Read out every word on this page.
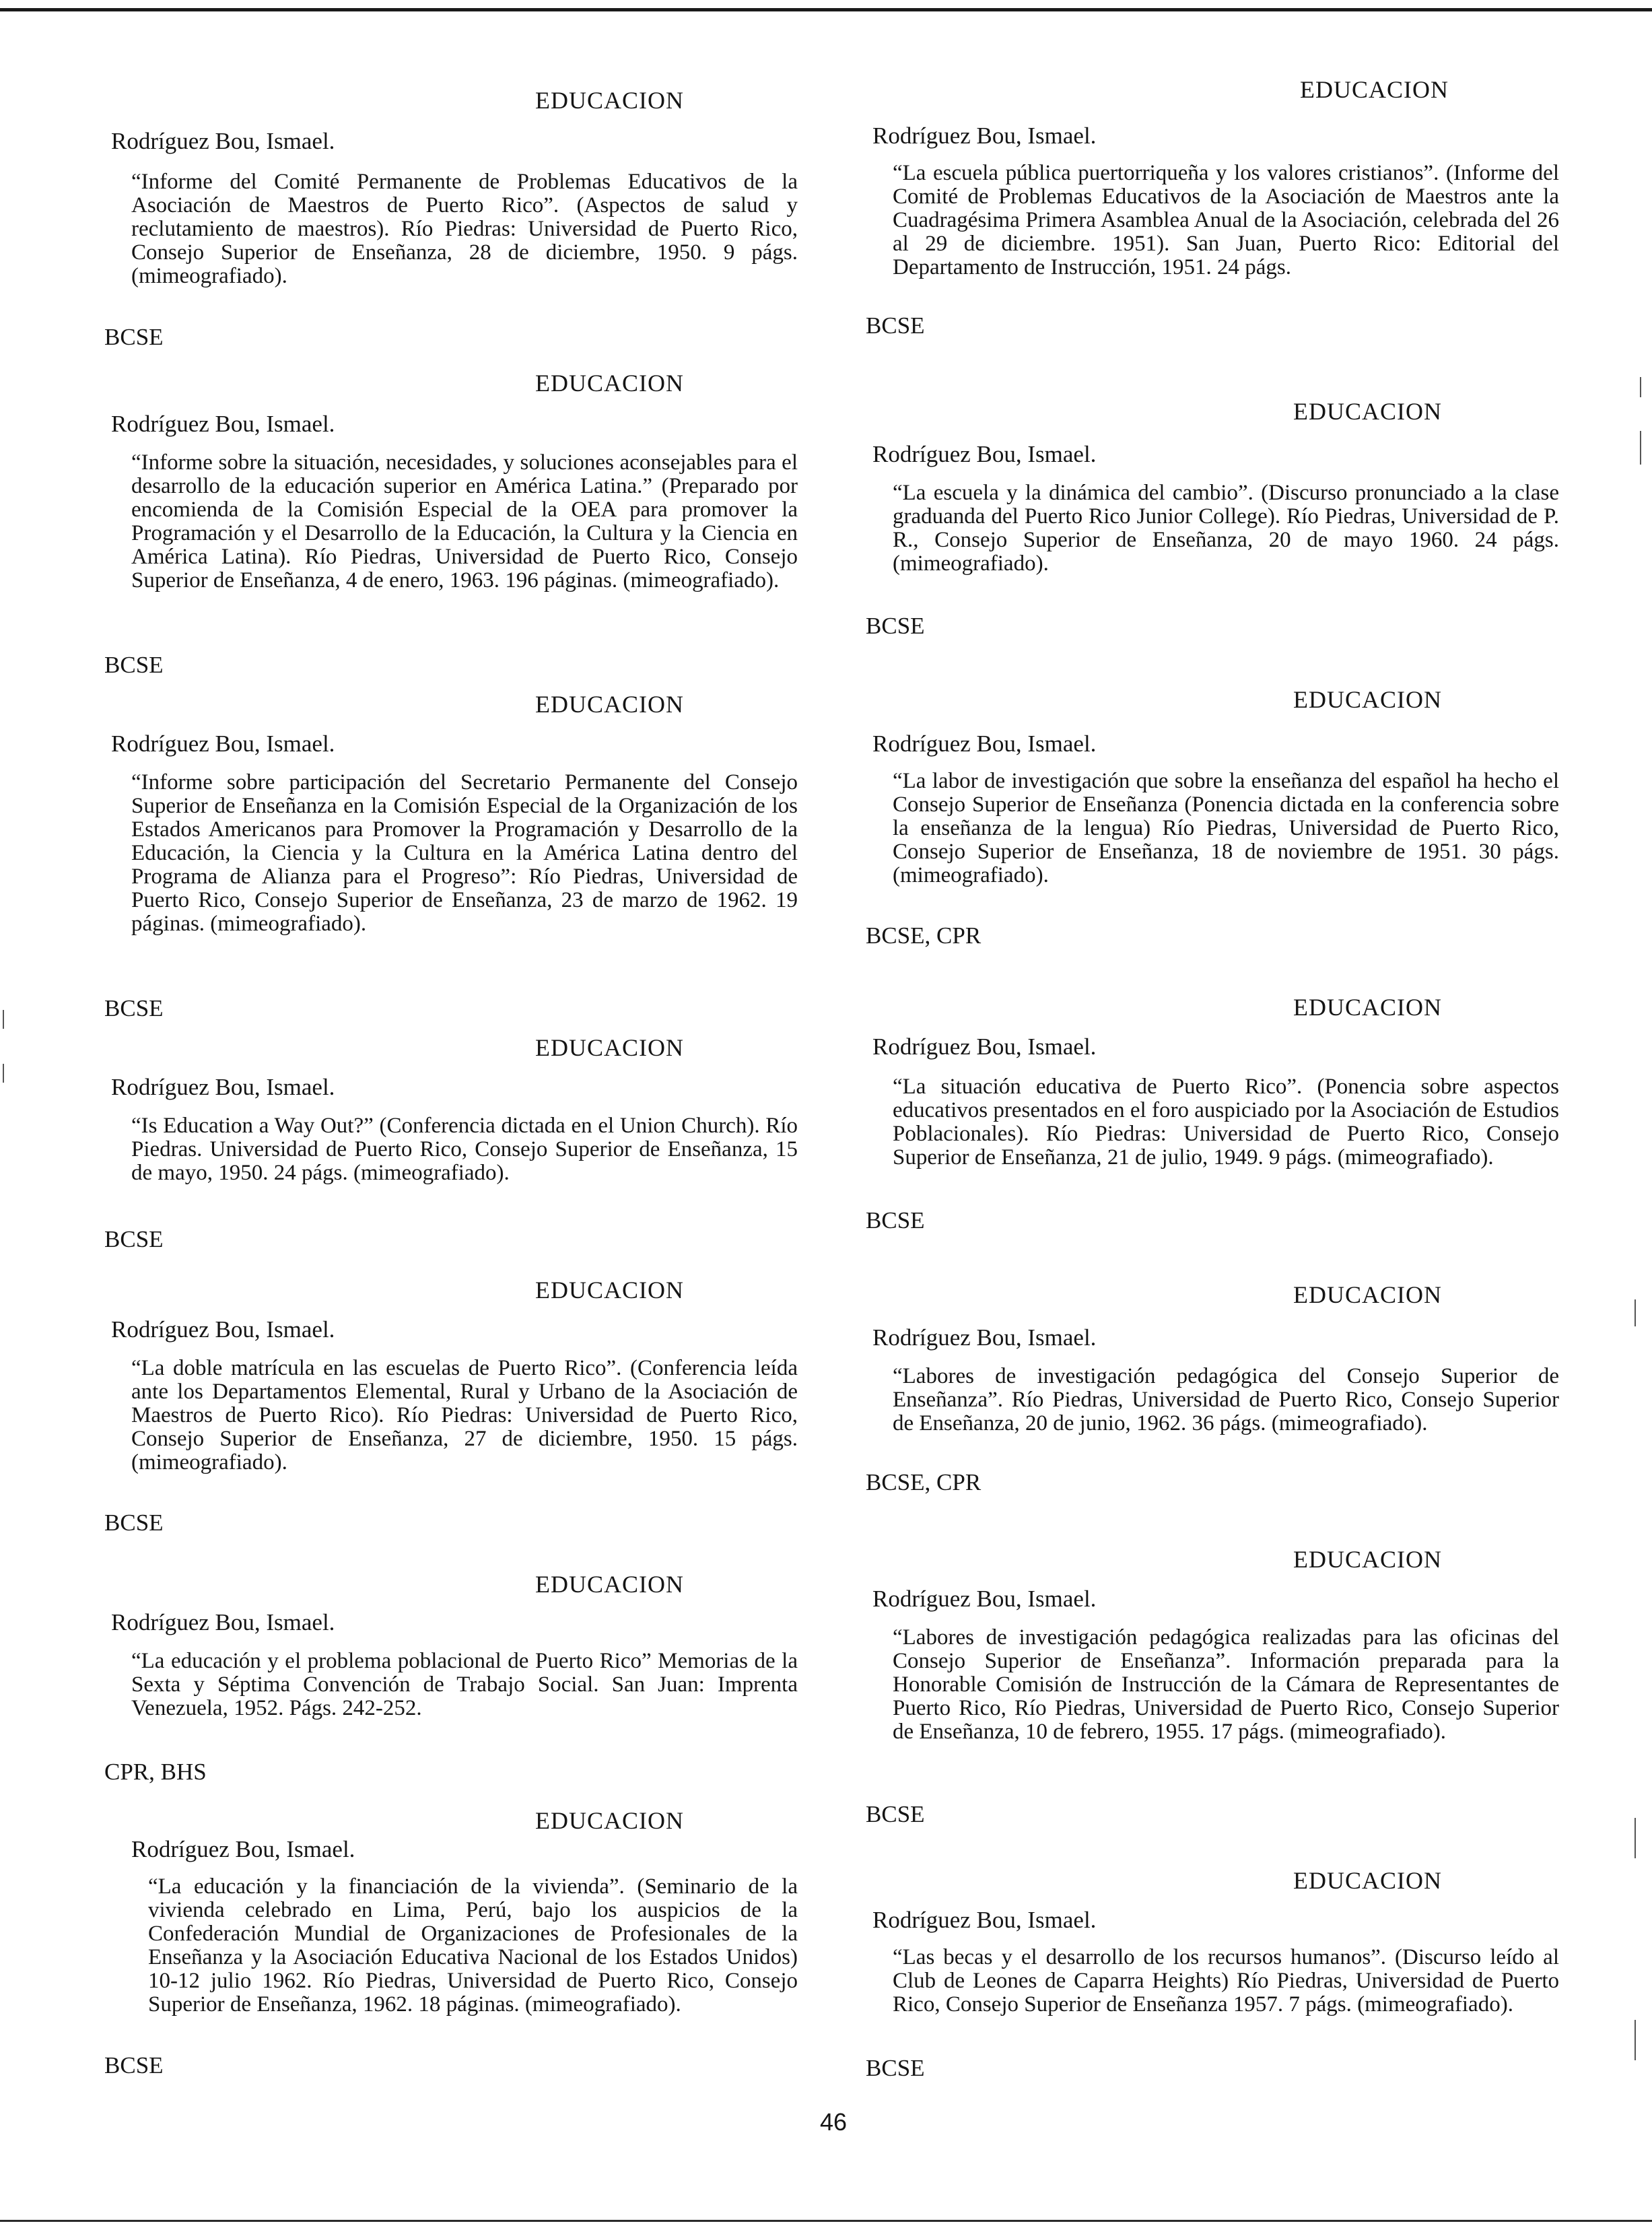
EDUCACION
Rodríguez Bou, Ismael.
“Informe del Comité Permanente de Problemas Educativos de la Asociación de Maestros de Puerto Rico”. (Aspectos de salud y reclutamiento de maestros). Río Piedras: Universidad de Puerto Rico, Consejo Superior de Enseñanza, 28 de diciembre, 1950. 9 págs. (mimeografiado).
BCSE
EDUCACION
Rodríguez Bou, Ismael.
“Informe sobre la situación, necesidades, y soluciones aconsejables para el desarrollo de la educación superior en América Latina.” (Preparado por encomienda de la Comisión Especial de la OEA para promover la Programación y el Desarrollo de la Educación, la Cultura y la Ciencia en América Latina). Río Piedras, Universidad de Puerto Rico, Consejo Superior de Enseñanza, 4 de enero, 1963. 196 páginas. (mimeografiado).
BCSE
EDUCACION
Rodríguez Bou, Ismael.
“Informe sobre participación del Secretario Permanente del Consejo Superior de Enseñanza en la Comisión Especial de la Organización de los Estados Americanos para Promover la Programación y Desarrollo de la Educación, la Ciencia y la Cultura en la América Latina dentro del Programa de Alianza para el Progreso”: Río Piedras, Universidad de Puerto Rico, Consejo Superior de Enseñanza, 23 de marzo de 1962. 19 páginas. (mimeografiado).
BCSE
EDUCACION
Rodríguez Bou, Ismael.
“Is Education a Way Out?” (Conferencia dictada en el Union Church). Río Piedras. Universidad de Puerto Rico, Consejo Superior de Enseñanza, 15 de mayo, 1950. 24 págs. (mimeografiado).
BCSE
EDUCACION
Rodríguez Bou, Ismael.
“La doble matrícula en las escuelas de Puerto Rico”. (Conferencia leída ante los Departamentos Elemental, Rural y Urbano de la Asociación de Maestros de Puerto Rico). Río Piedras: Universidad de Puerto Rico, Consejo Superior de Enseñanza, 27 de diciembre, 1950. 15 págs. (mimeografiado).
BCSE
EDUCACION
Rodríguez Bou, Ismael.
“La educación y el problema poblacional de Puerto Rico” Memorias de la Sexta y Séptima Convención de Trabajo Social. San Juan: Imprenta Venezuela, 1952. Págs. 242-252.
CPR, BHS
EDUCACION
Rodríguez Bou, Ismael.
“La educación y la financiación de la vivienda”. (Seminario de la vivienda celebrado en Lima, Perú, bajo los auspicios de la Confederación Mundial de Organizaciones de Profesionales de la Enseñanza y la Asociación Educativa Nacional de los Estados Unidos) 10-12 julio 1962. Río Piedras, Universidad de Puerto Rico, Consejo Superior de Enseñanza, 1962. 18 páginas. (mimeografiado).
BCSE
EDUCACION
Rodríguez Bou, Ismael.
“La escuela pública puertorriqueña y los valores cristianos”. (Informe del Comité de Problemas Educativos de la Asociación de Maestros ante la Cuadragésima Primera Asamblea Anual de la Asociación, celebrada del 26 al 29 de diciembre. 1951). San Juan, Puerto Rico: Editorial del Departamento de Instrucción, 1951. 24 págs.
BCSE
EDUCACION
Rodríguez Bou, Ismael.
“La escuela y la dinámica del cambio”. (Discurso pronunciado a la clase graduanda del Puerto Rico Junior College). Río Piedras, Universidad de P. R., Consejo Superior de Enseñanza, 20 de mayo 1960. 24 págs. (mimeografiado).
BCSE
EDUCACION
Rodríguez Bou, Ismael.
“La labor de investigación que sobre la enseñanza del español ha hecho el Consejo Superior de Enseñanza (Ponencia dictada en la conferencia sobre la enseñanza de la lengua) Río Piedras, Universidad de Puerto Rico, Consejo Superior de Enseñanza, 18 de noviembre de 1951. 30 págs. (mimeografiado).
BCSE, CPR
EDUCACION
Rodríguez Bou, Ismael.
“La situación educativa de Puerto Rico”. (Ponencia sobre aspectos educativos presentados en el foro auspiciado por la Asociación de Estudios Poblacionales). Río Piedras: Universidad de Puerto Rico, Consejo Superior de Enseñanza, 21 de julio, 1949. 9 págs. (mimeografiado).
BCSE
EDUCACION
Rodríguez Bou, Ismael.
“Labores de investigación pedagógica del Consejo Superior de Enseñanza”. Río Piedras, Universidad de Puerto Rico, Consejo Superior de Enseñanza, 20 de junio, 1962. 36 págs. (mimeografiado).
BCSE, CPR
EDUCACION
Rodríguez Bou, Ismael.
“Labores de investigación pedagógica realizadas para las oficinas del Consejo Superior de Enseñanza”. Información preparada para la Honorable Comisión de Instrucción de la Cámara de Representantes de Puerto Rico, Río Piedras, Universidad de Puerto Rico, Consejo Superior de Enseñanza, 10 de febrero, 1955. 17 págs. (mimeografiado).
BCSE
EDUCACION
Rodríguez Bou, Ismael.
“Las becas y el desarrollo de los recursos humanos”. (Discurso leído al Club de Leones de Caparra Heights) Río Piedras, Universidad de Puerto Rico, Consejo Superior de Enseñanza 1957. 7 págs. (mimeografiado).
BCSE
46
